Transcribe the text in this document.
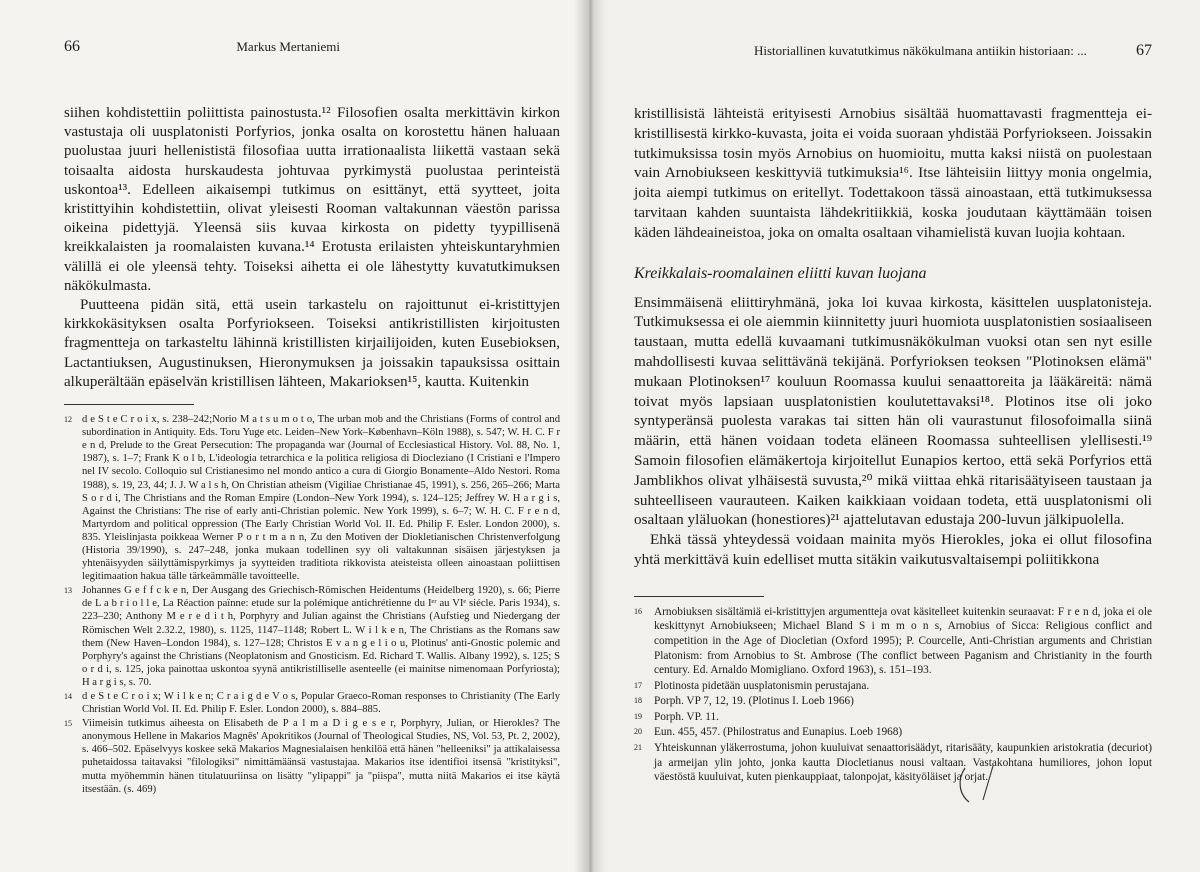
66	Markus Mertaniemi

siihen kohdistettiin poliittista painostusta.¹² Filosofien osalta merkittävin kirkon vastustaja oli uusplatonisti Porfyrios, jonka osalta on korostettu hänen haluaan puolustaa juuri hellenististä filosofiaa uutta irrationaalista liikettä vastaan sekä toisaalta aidosta hurskaudesta johtuvaa pyrkimystä puolustaa perinteistä uskontoa¹³. Edelleen aikaisempi tutkimus on esittänyt, että syytteet, joita kristittyihin kohdistettiin, olivat yleisesti Rooman valtakunnan väestön parissa oikeina pidettyjä. Yleensä siis kuvaa kirkosta on pidetty tyypillisenä kreikkalaisten ja roomalaisten kuvana.¹⁴ Erotusta erilaisten yhteiskuntaryhmien välillä ei ole yleensä tehty. Toiseksi aihetta ei ole lähestytty kuvatutkimuksen näkökulmasta.

Puutteena pidän sitä, että usein tarkastelu on rajoittunut ei-kristittyjen kirkkokäsityksen osalta Porfyriokseen. Toiseksi antikristillisten kirjoitusten fragmentteja on tarkasteltu lähinnä kristillisten kirjailijoiden, kuten Eusebioksen, Lactantiuksen, Augustinuksen, Hieronymuksen ja joissakin tapauksissa osittain alkuperältään epäselvän kristillisen lähteen, Makarioksen¹⁵, kautta. Kuitenkin

12 d e S t e C r o i x, s. 238–242;Norio M a t s u m o t o, The urban mob and the Christians (Forms of control and subordination in Antiquity. Eds. Toru Yuge etc. Leiden–New York–København–Köln 1988), s. 547; W. H. C. F r e n d, Prelude to the Great Persecution: The propaganda war (Journal of Ecclesiastical History. Vol. 88, No. 1, 1987), s. 1–7; Frank K o l b, L'ideologia tetrarchica e la politica religiosa di Diocleziano (I Cristiani e l'Impero nel IV secolo. Colloquio sul Cristianesimo nel mondo antico a cura di Giorgio Bonamente–Aldo Nestori. Roma 1988), s. 19, 23, 44; J. J. W a l s h, On Christian atheism (Vigiliae Christianae 45, 1991), s. 256, 265–266; Marta S o r d i, The Christians and the Roman Empire (London–New York 1994), s. 124–125; Jeffrey W. H a r g i s, Against the Christians: The rise of early anti-Christian polemic. New York 1999), s. 6–7; W. H. C. F r e n d, Martyrdom and political oppression (The Early Christian World Vol. II. Ed. Philip F. Esler. London 2000), s. 835. Yleislinjasta poikkeaa Werner P o r t m a n n, Zu den Motiven der Diokletianischen Christenverfolgung (Historia 39/1990), s. 247–248, jonka mukaan todellinen syy oli valtakunnan sisäisen järjestyksen ja yhtenäisyyden säilyttämispyrkimys ja syytteiden traditiota rikkovista ateisteista olleen ainoastaan poliittisen legitimaation hakua tälle tärkeämmälle tavoitteelle.
13 Johannes G e f f c k e n, Der Ausgang des Griechisch-Römischen Heidentums (Heidelberg 1920), s. 66; Pierre de L a b r i o l l e, La Réaction païnne: etude sur la polémique antichrétienne du Iᵉʳ au VIᵉ siécle. Paris 1934), s. 223–230; Anthony M e r e d i t h, Porphyry and Julian against the Christians (Aufstieg und Niedergang der Römischen Welt 2.32.2, 1980), s. 1125, 1147–1148; Robert L. W i l k e n, The Christians as the Romans saw them (New Haven–London 1984), s. 127–128; Christos E v a n g e l i o u, Plotinus' anti-Gnostic polemic and Porphyry's against the Christians (Neoplatonism and Gnosticism. Ed. Richard T. Wallis. Albany 1992), s. 125; S o r d i, s. 125, joka painottaa uskontoa syynä antikristilliselle asenteelle (ei mainitse nimenomaan Porfyriosta); H a r g i s, s. 70.
14 d e S t e C r o i x; W i l k e n; C r a i g d e V o s, Popular Graeco-Roman responses to Christianity (The Early Christian World Vol. II. Ed. Philip F. Esler. London 2000), s. 884–885.
15 Viimeisin tutkimus aiheesta on Elisabeth de P a l m a D i g e s e r, Porphyry, Julian, or Hierokles? The anonymous Hellene in Makarios Magnēs' Apokritikos (Journal of Theological Studies, NS, Vol. 53, Pt. 2, 2002), s. 466–502. Epäselvyys koskee sekä Makarios Magnesialaisen henkilöä että hänen "helleeniksi" ja attikalaisessa puhetaidossa taitavaksi "filologiksi" nimittämäänsä vastustajaa. Makarios itse identifioi itsensä "kristityksi", mutta myöhemmin hänen titulatuuriinsa on lisätty "ylipappi" ja "piispa", mutta niitä Makarios ei itse käytä itsestään. (s. 469)
Historiallinen kuvatutkimus näkökulmana antiikin historiaan: ...	67

kristillisistä lähteistä erityisesti Arnobius sisältää huomattavasti fragmentteja ei-kristillisestä kirkko-kuvasta, joita ei voida suoraan yhdistää Porfyriokseen. Joissakin tutkimuksissa tosin myös Arnobius on huomioitu, mutta kaksi niistä on puolestaan vain Arnobiukseen keskittyviä tutkimuksia¹⁶. Itse lähteisiin liittyy monia ongelmia, joita aiempi tutkimus on eritellyt. Todettakoon tässä ainoastaan, että tutkimuksessa tarvitaan kahden suuntaista lähdekritiikkiä, koska joudutaan käyttämään toisen käden lähdeaineistoa, joka on omalta osaltaan vihamielistä kuvan luojia kohtaan.

Kreikkalais-roomalainen eliitti kuvan luojana

Ensimmäisenä eliittiryhmänä, joka loi kuvaa kirkosta, käsittelen uusplatonisteja. Tutkimuksessa ei ole aiemmin kiinnitetty juuri huomiota uusplatonistien sosiaaliseen taustaan, mutta edellä kuvaamani tutkimusnäkökulman vuoksi otan sen nyt esille mahdollisesti kuvaa selittävänä tekijänä. Porfyrioksen teoksen "Plotinoksen elämä" mukaan Plotinoksen¹⁷ kouluun Roomassa kuului senaattoreita ja lääkäreitä: nämä toivat myös lapsiaan uusplatonistien koulutettavaksi¹⁸. Plotinos itse oli joko syntyperänsä puolesta varakas tai sitten hän oli vaurastunut filosofoimalla siinä määrin, että hänen voidaan todeta eläneen Roomassa suhteellisen ylellisesti.¹⁹ Samoin filosofien elämäkertoja kirjoitellut Eunapios kertoo, että sekä Porfyrios että Jamblikhos olivat ylhäisestä suvusta,²⁰ mikä viittaa ehkä ritarisäätyiseen taustaan ja suhteelliseen vaurauteen. Kaiken kaikkiaan voidaan todeta, että uusplatonismi oli osaltaan yläluokan (honestiores)²¹ ajattelutavan edustaja 200-luvun jälkipuolella.

Ehkä tässä yhteydessä voidaan mainita myös Hierokles, joka ei ollut filosofina yhtä merkittävä kuin edelliset mutta sitäkin vaikutusvaltaisempi poliitikkona

16	Arnobiuksen sisältämiä ei-kristittyjen argumentteja ovat käsitelleet kuitenkin seuraavat: F r e n d, joka ei ole keskittynyt Arnobiukseen; Michael Bland S i m m o n s, Arnobius of Sicca: Religious conflict and competition in the Age of Diocletian (Oxford 1995); P. Courcelle, Anti-Christian arguments and Christian Platonism: from Arnobius to St. Ambrose (The conflict between Paganism and Christianity in the fourth century. Ed. Arnaldo Momigliano. Oxford 1963), s. 151–193.
17	Plotinosta pidetään uusplatonismin perustajana.
18	Porph. VP 7, 12, 19. (Plotinus I. Loeb 1966)
19	Porph. VP. 11.
20	Eun. 455, 457. (Philostratus and Eunapius. Loeb 1968)
21	Yhteiskunnan yläkerrostuma, johon kuuluivat senaattorisäädyt, ritarisääty, kaupunkien aristokratia (decuriot) ja armeijan ylin johto, jonka kautta Diocletianus nousi valtaan. Vastakohtana humiliores, johon loput väestöstä kuuluivat, kuten pienkauppiaat, talonpojat, käsityöläiset ja orjat.
